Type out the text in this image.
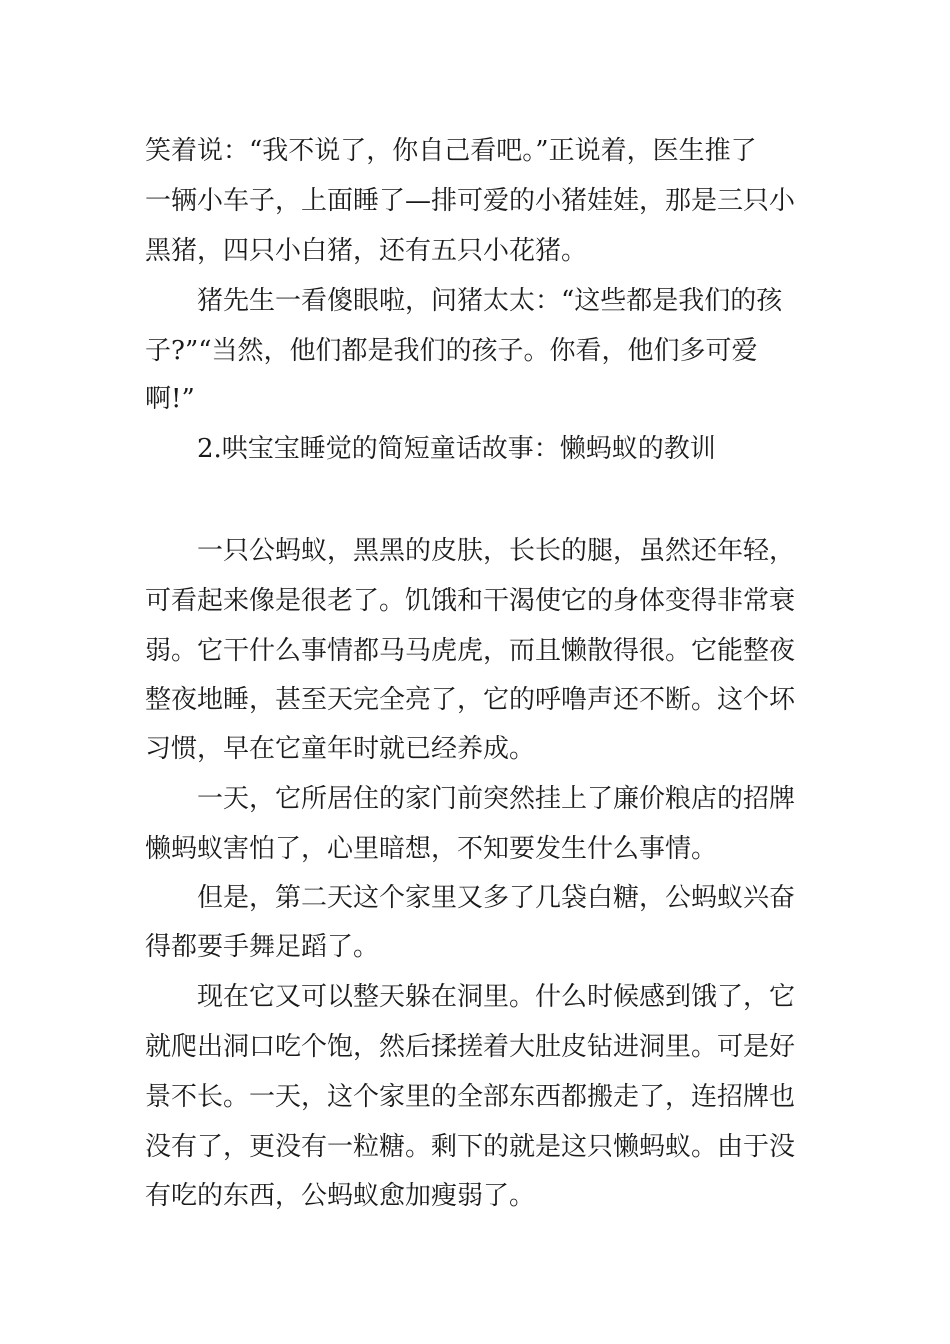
笑着说：“我不说了，你自己看吧。”正说着，医生推了
一辆小车子，上面睡了—排可爱的小猪娃娃，那是三只小
黑猪，四只小白猪，还有五只小花猪。
猪先生一看傻眼啦，问猪太太：“这些都是我们的孩
子?”“当然，他们都是我们的孩子。你看，他们多可爱
啊!”
2.哄宝宝睡觉的简短童话故事：懒蚂蚁的教训
一只公蚂蚁，黑黑的皮肤，长长的腿，虽然还年轻，
可看起来像是很老了。饥饿和干渴使它的身体变得非常衰
弱。它干什么事情都马马虎虎，而且懒散得很。它能整夜
整夜地睡，甚至天完全亮了，它的呼噜声还不断。这个坏
习惯，早在它童年时就已经养成。
一天，它所居住的家门前突然挂上了廉价粮店的招牌
懒蚂蚁害怕了，心里暗想，不知要发生什么事情。
但是，第二天这个家里又多了几袋白糖，公蚂蚁兴奋
得都要手舞足蹈了。
现在它又可以整天躲在洞里。什么时候感到饿了，它
就爬出洞口吃个饱，然后揉搓着大肚皮钻进洞里。可是好
景不长。一天，这个家里的全部东西都搬走了，连招牌也
没有了，更没有一粒糖。剩下的就是这只懒蚂蚁。由于没
有吃的东西，公蚂蚁愈加瘦弱了。
